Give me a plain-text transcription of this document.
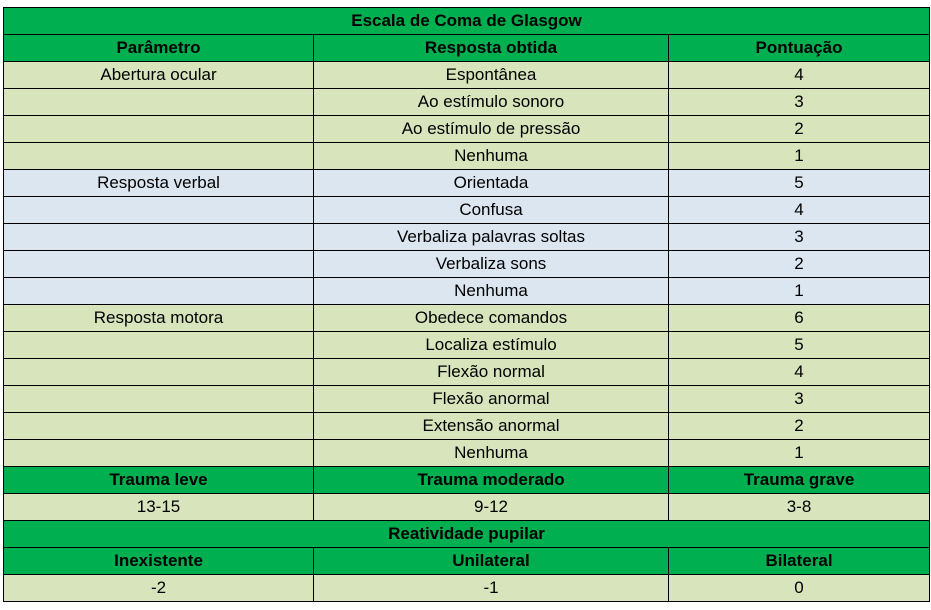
Escala de Coma de Glasgow		
Parâmetro	Resposta obtida	Pontuação
Abertura ocular	Espontânea	4
	Ao estímulo sonoro	3
	Ao estímulo de pressão	2
	Nenhuma	1
Resposta verbal	Orientada	5
	Confusa	4
	Verbaliza palavras soltas	3
	Verbaliza sons	2
	Nenhuma	1
Resposta motora	Obedece comandos	6
	Localiza estímulo	5
	Flexão normal	4
	Flexão anormal	3
	Extensão anormal	2
	Nenhuma	1
Trauma leve	Trauma moderado	Trauma grave
13-15	9-12	3-8
Reatividade pupilar		
Inexistente	Unilateral	Bilateral
-2	-1	0
